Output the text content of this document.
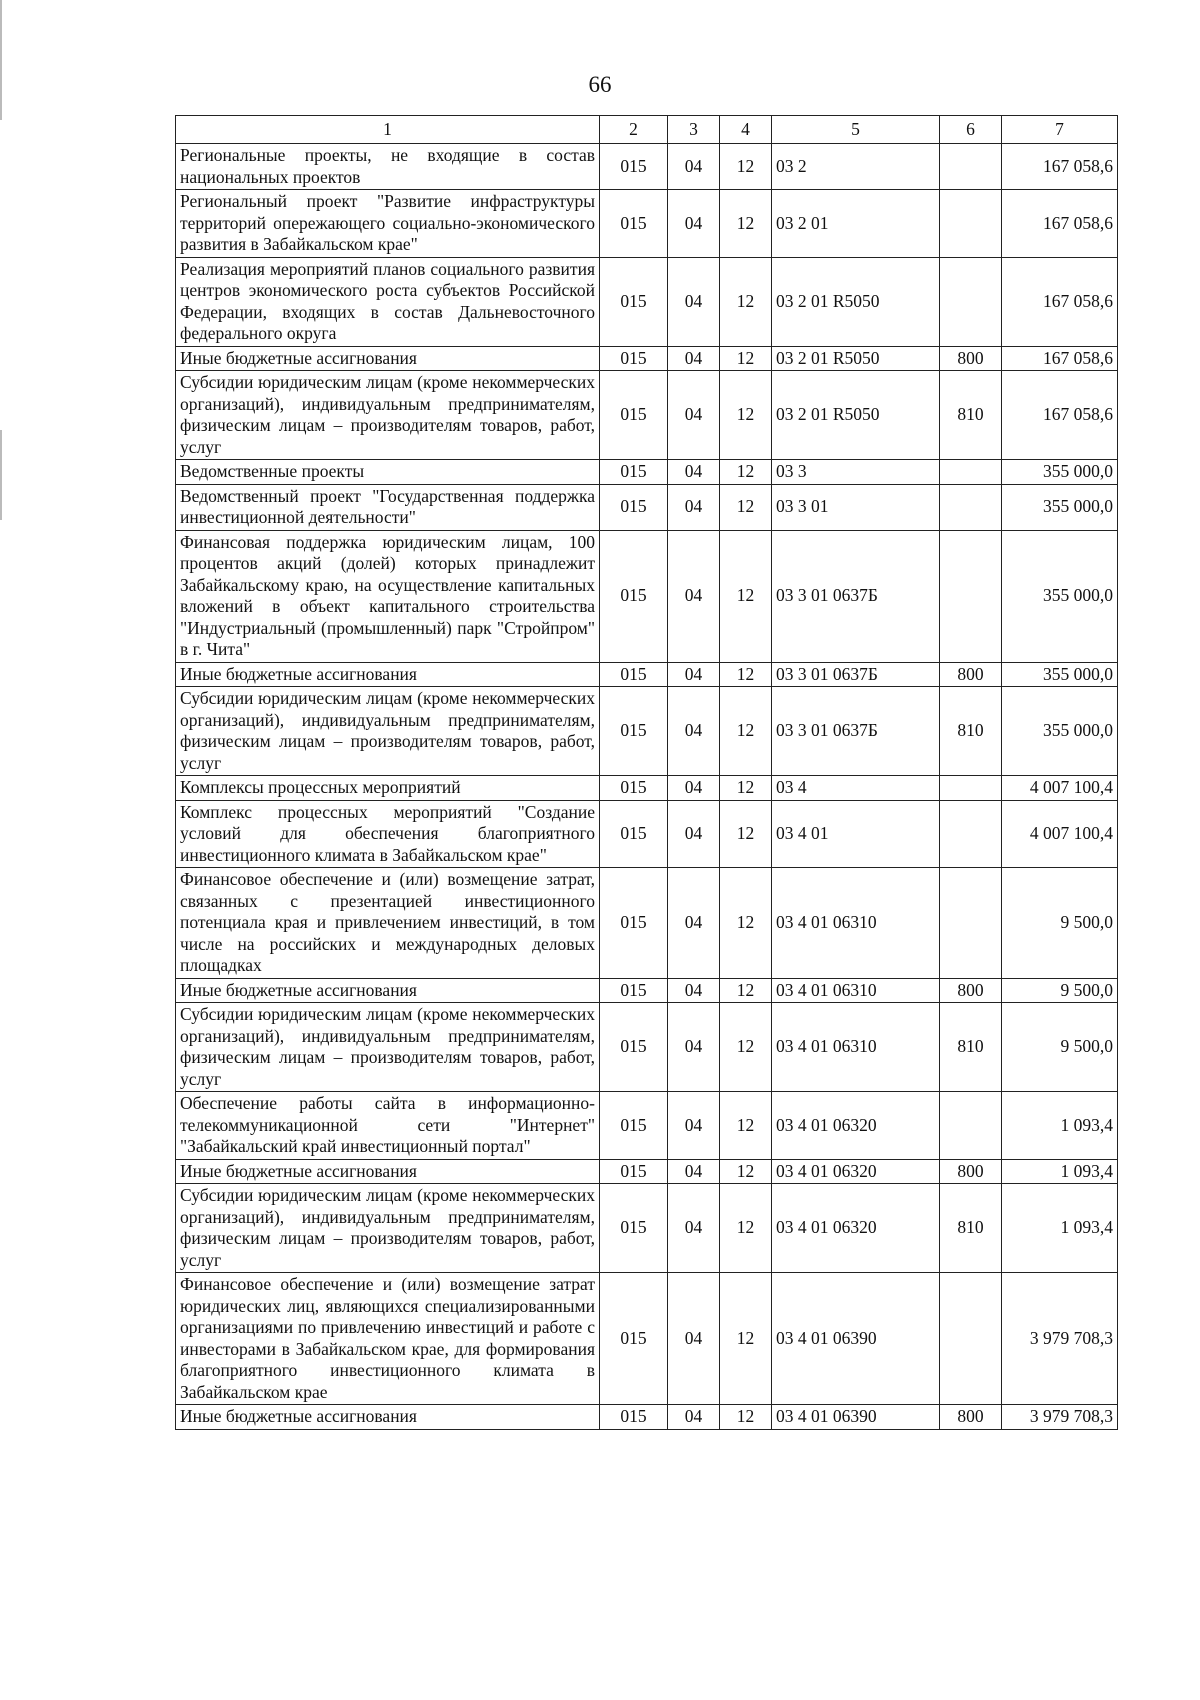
66
1	2	3	4	5	6	7
Региональные проекты, не входящие в состав национальных проектов	015	04	12	03 2		167 058,6
Региональный проект "Развитие инфраструктуры территорий опережающего социально-экономического развития в Забайкальском крае"	015	04	12	03 2 01		167 058,6
Реализация мероприятий планов социального развития центров экономического роста субъектов Российской Федерации, входящих в состав Дальневосточного федерального округа	015	04	12	03 2 01 R5050		167 058,6
Иные бюджетные ассигнования	015	04	12	03 2 01 R5050	800	167 058,6
Субсидии юридическим лицам (кроме некоммерческих организаций), индивидуальным предпринимателям, физическим лицам – производителям товаров, работ, услуг	015	04	12	03 2 01 R5050	810	167 058,6
Ведомственные проекты	015	04	12	03 3		355 000,0
Ведомственный проект "Государственная поддержка инвестиционной деятельности"	015	04	12	03 3 01		355 000,0
Финансовая поддержка юридическим лицам, 100 процентов акций (долей) которых принадлежит Забайкальскому краю, на осуществление капитальных вложений в объект капитального строительства "Индустриальный (промышленный) парк "Стройпром" в г. Чита"	015	04	12	03 3 01 0637Б		355 000,0
Иные бюджетные ассигнования	015	04	12	03 3 01 0637Б	800	355 000,0
Субсидии юридическим лицам (кроме некоммерческих организаций), индивидуальным предпринимателям, физическим лицам – производителям товаров, работ, услуг	015	04	12	03 3 01 0637Б	810	355 000,0
Комплексы процессных мероприятий	015	04	12	03 4		4 007 100,4
Комплекс процессных мероприятий "Создание условий для обеспечения благоприятного инвестиционного климата в Забайкальском крае"	015	04	12	03 4 01		4 007 100,4
Финансовое обеспечение и (или) возмещение затрат, связанных с презентацией инвестиционного потенциала края и привлечением инвестиций, в том числе на российских и международных деловых площадках	015	04	12	03 4 01 06310		9 500,0
Иные бюджетные ассигнования	015	04	12	03 4 01 06310	800	9 500,0
Субсидии юридическим лицам (кроме некоммерческих организаций), индивидуальным предпринимателям, физическим лицам – производителям товаров, работ, услуг	015	04	12	03 4 01 06310	810	9 500,0
Обеспечение работы сайта в информационно-телекоммуникационной сети "Интернет" "Забайкальский край инвестиционный портал"	015	04	12	03 4 01 06320		1 093,4
Иные бюджетные ассигнования	015	04	12	03 4 01 06320	800	1 093,4
Субсидии юридическим лицам (кроме некоммерческих организаций), индивидуальным предпринимателям, физическим лицам – производителям товаров, работ, услуг	015	04	12	03 4 01 06320	810	1 093,4
Финансовое обеспечение и (или) возмещение затрат юридических лиц, являющихся специализированными организациями по привлечению инвестиций и работе с инвесторами в Забайкальском крае, для формирования благоприятного инвестиционного климата в Забайкальском крае	015	04	12	03 4 01 06390		3 979 708,3
Иные бюджетные ассигнования	015	04	12	03 4 01 06390	800	3 979 708,3
